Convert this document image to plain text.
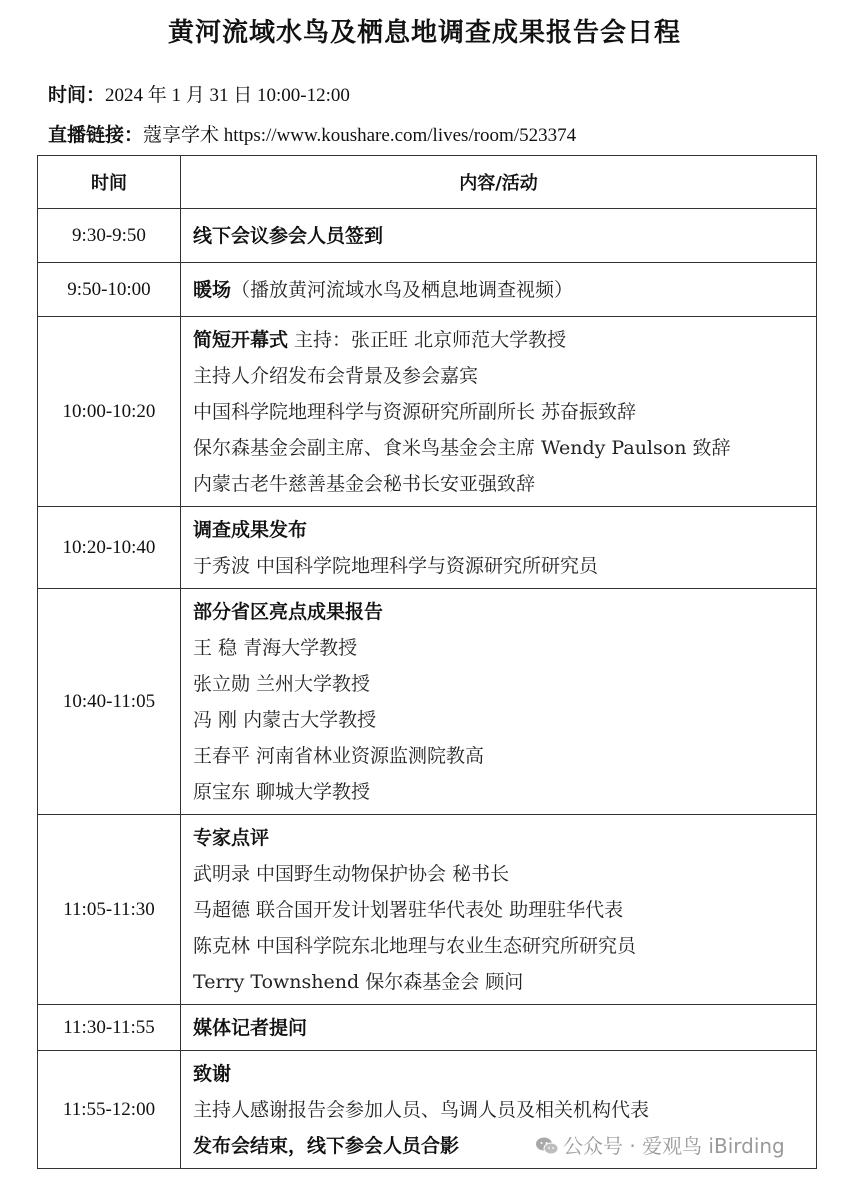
黄河流域水鸟及栖息地调查成果报告会日程
时间：2024 年 1 月 31 日 10:00-12:00
直播链接：蔻享学术 https://www.koushare.com/lives/room/523374
时间	内容/活动
9:30-9:50	线下会议参会人员签到

9:50-10:00	暖场（播放黄河流域水鸟及栖息地调查视频）

10:00-10:20	简短开幕式 主持：张正旺 北京师范大学教授
主持人介绍发布会背景及参会嘉宾
中国科学院地理科学与资源研究所副所长 苏奋振致辞
保尔森基金会副主席、食米鸟基金会主席 Wendy Paulson 致辞
内蒙古老牛慈善基金会秘书长安亚强致辞

10:20-10:40	调查成果发布
于秀波 中国科学院地理科学与资源研究所研究员

10:40-11:05	
部分省区亮点成果报告
王 稳 青海大学教授
张立勋 兰州大学教授
冯 刚 内蒙古大学教授
王春平 河南省林业资源监测院教高
原宝东 聊城大学教授

11:05-11:30	专家点评
武明录 中国野生动物保护协会 秘书长
马超德 联合国开发计划署驻华代表处 助理驻华代表
陈克林 中国科学院东北地理与农业生态研究所研究员
Terry Townshend 保尔森基金会 顾问

11:30-11:55	媒体记者提问

11:55-12:00	致谢
主持人感谢报告会参加人员、鸟调人员及相关机构代表
发布会结束，线下参会人员合影	公众号 · 爱观鸟 iBirding
